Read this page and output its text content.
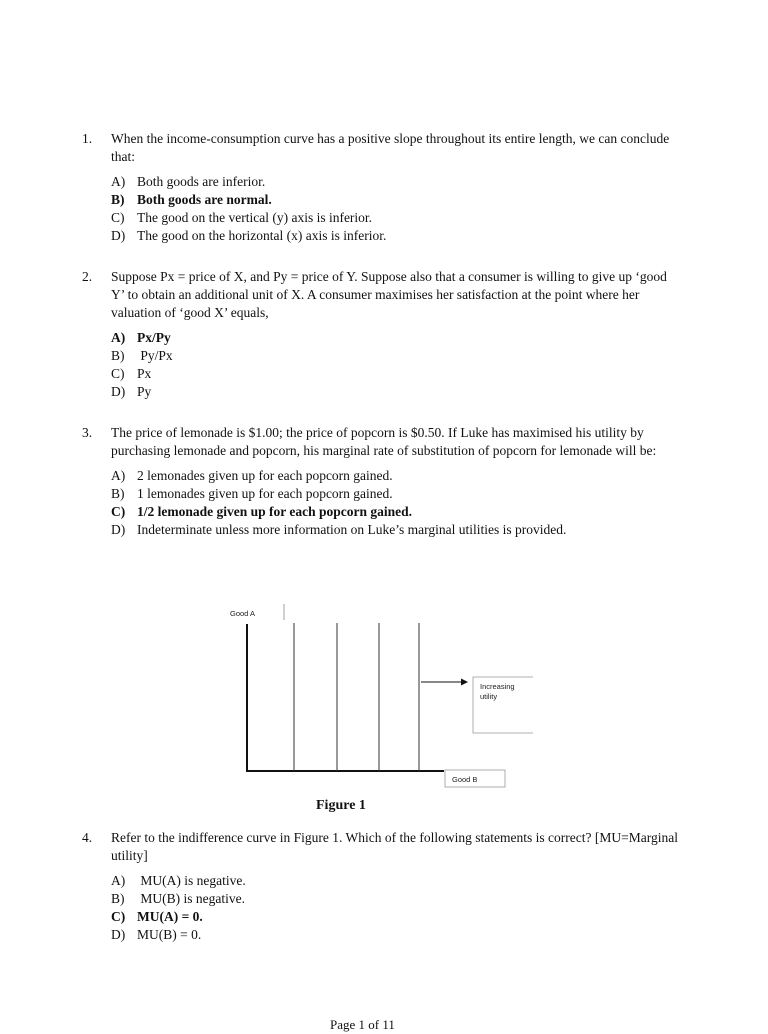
1. When the income-consumption curve has a positive slope throughout its entire length, we can conclude that:
A) Both goods are inferior.
B) Both goods are normal.
C) The good on the vertical (y) axis is inferior.
D) The good on the horizontal (x) axis is inferior.
2. Suppose Px = price of X, and Py = price of Y. Suppose also that a consumer is willing to give up ‘good Y’ to obtain an additional unit of X. A consumer maximises her satisfaction at the point where her valuation of ‘good X’ equals,
A) Px/Py
B) Py/Px
C) Px
D) Py
3. The price of lemonade is $1.00; the price of popcorn is $0.50. If Luke has maximised his utility by purchasing lemonade and popcorn, his marginal rate of substitution of popcorn for lemonade will be:
A) 2 lemonades given up for each popcorn gained.
B) 1 lemonades given up for each popcorn gained.
C) 1/2 lemonade given up for each popcorn gained.
D) Indeterminate unless more information on Luke’s marginal utilities is provided.
Good A
Increasing
utility
Good B
Figure 1
4. Refer to the indifference curve in Figure 1. Which of the following statements is correct? [MU=Marginal utility]
A) MU(A) is negative.
B) MU(B) is negative.
C) MU(A) = 0.
D) MU(B) = 0.
Page 1 of 11
